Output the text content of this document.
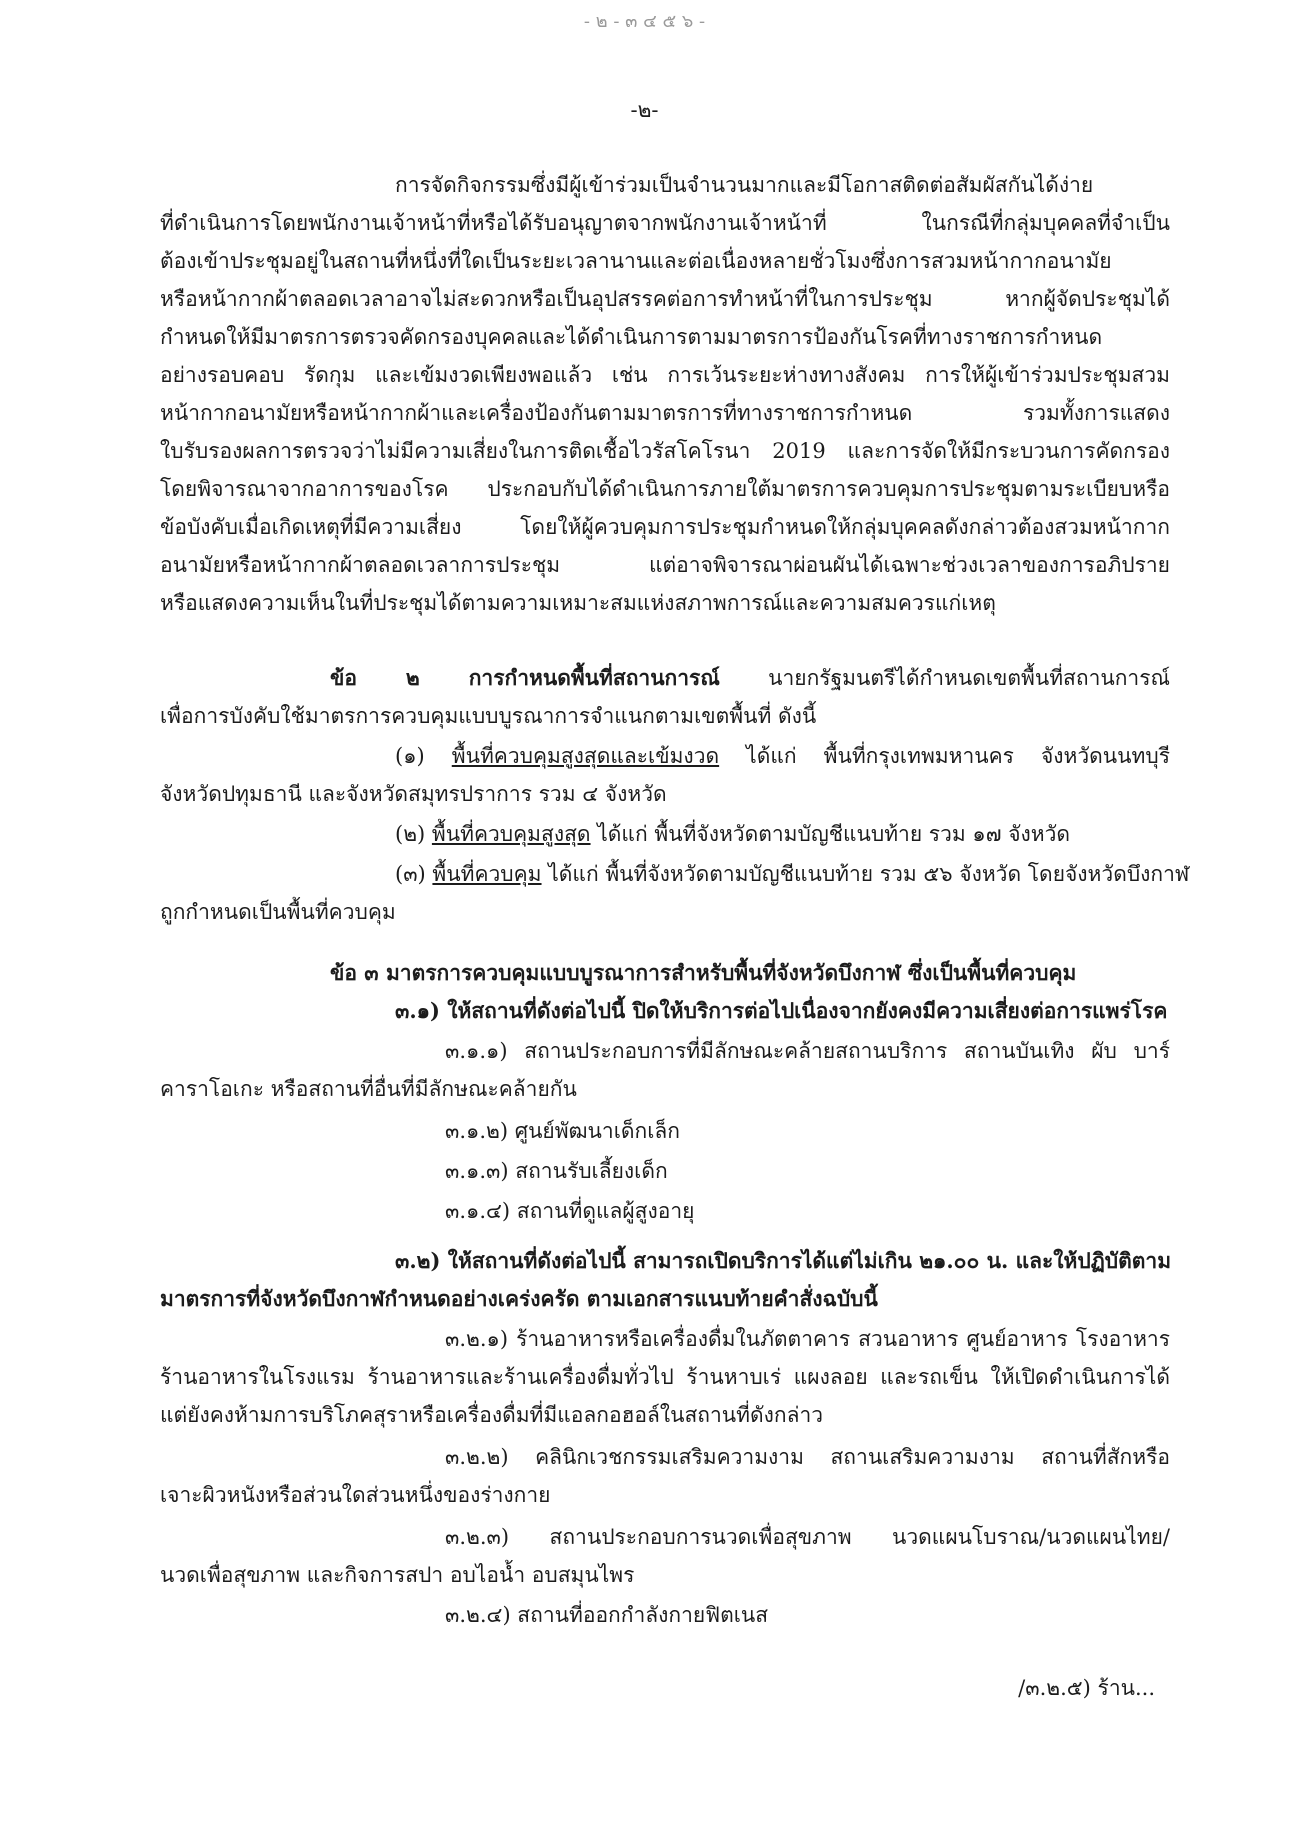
- ๒ - ๓ ๔ ๕ ๖ -
-๒-
การจัดกิจกรรมซึ่งมีผู้เข้าร่วมเป็นจำนวนมากและมีโอกาสติดต่อสัมผัสกันได้ง่าย
ที่ดำเนินการโดยพนักงานเจ้าหน้าที่หรือได้รับอนุญาตจากพนักงานเจ้าหน้าที่ ในกรณีที่กลุ่มบุคคลที่จำเป็น
ต้องเข้าประชุมอยู่ในสถานที่หนึ่งที่ใดเป็นระยะเวลานานและต่อเนื่องหลายชั่วโมงซึ่งการสวมหน้ากากอนามัย
หรือหน้ากากผ้าตลอดเวลาอาจไม่สะดวกหรือเป็นอุปสรรคต่อการทำหน้าที่ในการประชุม หากผู้จัดประชุมได้
กำหนดให้มีมาตรการตรวจคัดกรองบุคคลและได้ดำเนินการตามมาตรการป้องกันโรคที่ทางราชการกำหนด
อย่างรอบคอบ รัดกุม และเข้มงวดเพียงพอแล้ว เช่น การเว้นระยะห่างทางสังคม การให้ผู้เข้าร่วมประชุมสวม
หน้ากากอนามัยหรือหน้ากากผ้าและเครื่องป้องกันตามมาตรการที่ทางราชการกำหนด รวมทั้งการแสดง
ใบรับรองผลการตรวจว่าไม่มีความเสี่ยงในการติดเชื้อไวรัสโคโรนา 2019 และการจัดให้มีกระบวนการคัดกรอง
โดยพิจารณาจากอาการของโรค ประกอบกับได้ดำเนินการภายใต้มาตรการควบคุมการประชุมตามระเบียบหรือ
ข้อบังคับเมื่อเกิดเหตุที่มีความเสี่ยง โดยให้ผู้ควบคุมการประชุมกำหนดให้กลุ่มบุคคลดังกล่าวต้องสวมหน้ากาก
อนามัยหรือหน้ากากผ้าตลอดเวลาการประชุม แต่อาจพิจารณาผ่อนผันได้เฉพาะช่วงเวลาของการอภิปราย
หรือแสดงความเห็นในที่ประชุมได้ตามความเหมาะสมแห่งสภาพการณ์และความสมควรแก่เหตุ
ข้อ ๒ การกำหนดพื้นที่สถานการณ์ นายกรัฐมนตรีได้กำหนดเขตพื้นที่สถานการณ์
เพื่อการบังคับใช้มาตรการควบคุมแบบบูรณาการจำแนกตามเขตพื้นที่ ดังนี้
(๑) พื้นที่ควบคุมสูงสุดและเข้มงวด ได้แก่ พื้นที่กรุงเทพมหานคร จังหวัดนนทบุรี
จังหวัดปทุมธานี และจังหวัดสมุทรปราการ รวม ๔ จังหวัด
(๒) พื้นที่ควบคุมสูงสุด ได้แก่ พื้นที่จังหวัดตามบัญชีแนบท้าย รวม ๑๗ จังหวัด
(๓) พื้นที่ควบคุม ได้แก่ พื้นที่จังหวัดตามบัญชีแนบท้าย รวม ๕๖ จังหวัด โดยจังหวัดบึงกาฬ
ถูกกำหนดเป็นพื้นที่ควบคุม
ข้อ ๓ มาตรการควบคุมแบบบูรณาการสำหรับพื้นที่จังหวัดบึงกาฬ ซึ่งเป็นพื้นที่ควบคุม
๓.๑) ให้สถานที่ดังต่อไปนี้ ปิดให้บริการต่อไปเนื่องจากยังคงมีความเสี่ยงต่อการแพร่โรค
๓.๑.๑) สถานประกอบการที่มีลักษณะคล้ายสถานบริการ สถานบันเทิง ผับ บาร์
คาราโอเกะ หรือสถานที่อื่นที่มีลักษณะคล้ายกัน
๓.๑.๒) ศูนย์พัฒนาเด็กเล็ก
๓.๑.๓) สถานรับเลี้ยงเด็ก
๓.๑.๔) สถานที่ดูแลผู้สูงอายุ
๓.๒) ให้สถานที่ดังต่อไปนี้ สามารถเปิดบริการได้แต่ไม่เกิน ๒๑.๐๐ น. และให้ปฏิบัติตาม
มาตรการที่จังหวัดบึงกาฬกำหนดอย่างเคร่งครัด ตามเอกสารแนบท้ายคำสั่งฉบับนี้
๓.๒.๑) ร้านอาหารหรือเครื่องดื่มในภัตตาคาร สวนอาหาร ศูนย์อาหาร โรงอาหาร
ร้านอาหารในโรงแรม ร้านอาหารและร้านเครื่องดื่มทั่วไป ร้านหาบเร่ แผงลอย และรถเข็น ให้เปิดดำเนินการได้
แต่ยังคงห้ามการบริโภคสุราหรือเครื่องดื่มที่มีแอลกอฮอล์ในสถานที่ดังกล่าว
๓.๒.๒) คลินิกเวชกรรมเสริมความงาม สถานเสริมความงาม สถานที่สักหรือ
เจาะผิวหนังหรือส่วนใดส่วนหนึ่งของร่างกาย
๓.๒.๓) สถานประกอบการนวดเพื่อสุขภาพ นวดแผนโบราณ/นวดแผนไทย/
นวดเพื่อสุขภาพ และกิจการสปา อบไอน้ำ อบสมุนไพร
๓.๒.๔) สถานที่ออกกำลังกายฟิตเนส
/๓.๒.๕) ร้าน...
